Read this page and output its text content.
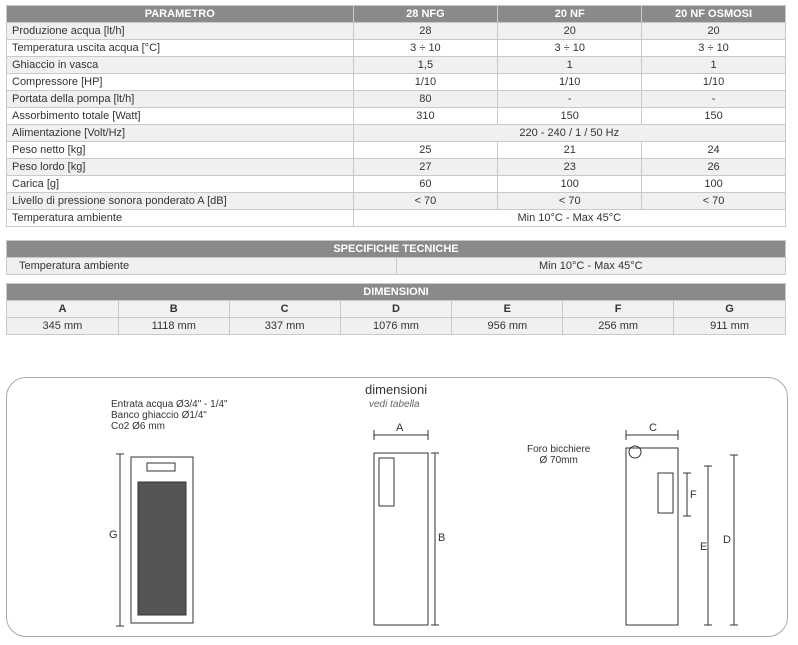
PARAMETRO	28 NFG	20 NF	20 NF OSMOSI
Produzione acqua [lt/h]	28	20	20
Temperatura uscita acqua [°C]	3 ÷ 10	3 ÷ 10	3 ÷ 10
Ghiaccio in vasca	1,5	1	1
Compressore [HP]	1/10	1/10	1/10
Portata della pompa [lt/h]	80	-	-
Assorbimento totale [Watt]	310	150	150
Alimentazione [Volt/Hz]	220 - 240 / 1 / 50 Hz		
Peso netto [kg]	25	21	24
Peso lordo [kg]	27	23	26
Carica [g]	60	100	100
Livello di pressione sonora ponderato A [dB]	< 70	< 70	< 70
Temperatura ambiente	Min 10°C - Max 45°C		
SPECIFICHE TECNICHE
Temperatura ambiente	Min 10°C - Max 45°C
DIMENSIONI						
A	B	C	D	E	F	G
345 mm	1118 mm	337 mm	1076 mm	956 mm	256 mm	911 mm
dimensioni
vedi tabella
Entrata acqua Ø3/4" - 1/4"
Banco ghiaccio Ø1/4"
Co2 Ø6 mm
Foro bicchiere
Ø 70mm
G
A
B
C
F
E
D
